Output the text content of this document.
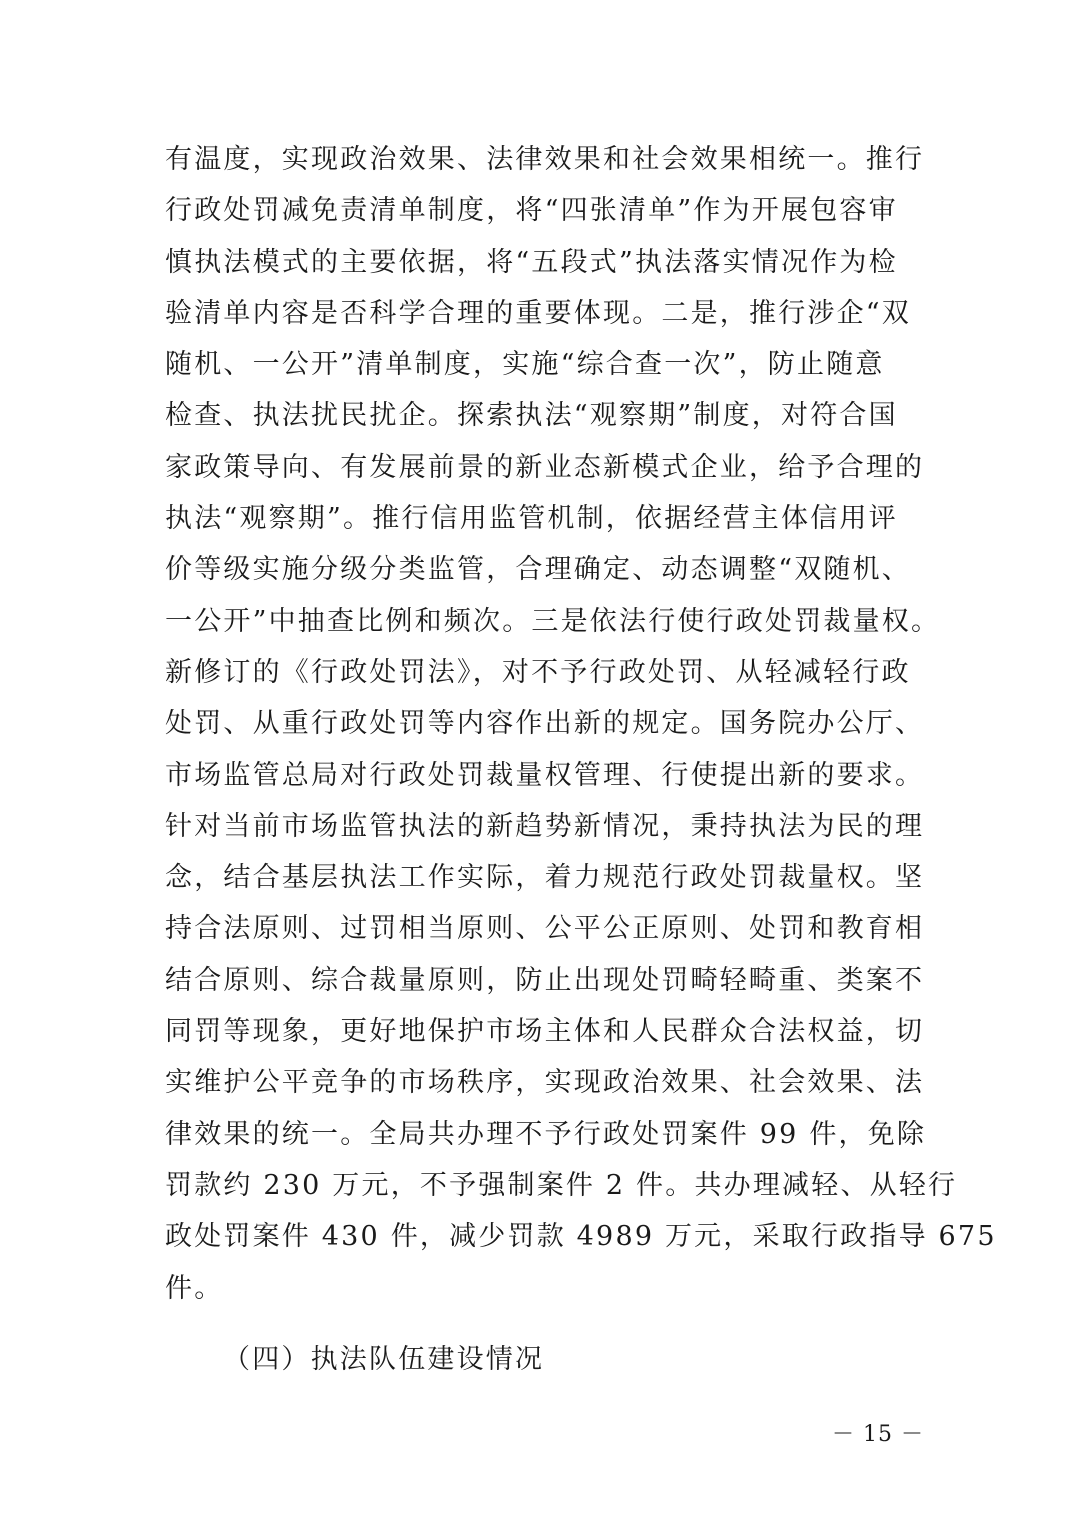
有温度，实现政治效果、法律效果和社会效果相统一。推行
行政处罚减免责清单制度，将“四张清单”作为开展包容审
慎执法模式的主要依据，将“五段式”执法落实情况作为检
验清单内容是否科学合理的重要体现。二是，推行涉企“双
随机、一公开”清单制度，实施“综合查一次”，防止随意
检查、执法扰民扰企。探索执法“观察期”制度，对符合国
家政策导向、有发展前景的新业态新模式企业，给予合理的
执法“观察期”。推行信用监管机制，依据经营主体信用评
价等级实施分级分类监管，合理确定、动态调整“双随机、
一公开”中抽查比例和频次。三是依法行使行政处罚裁量权。
新修订的《行政处罚法》，对不予行政处罚、从轻减轻行政
处罚、从重行政处罚等内容作出新的规定。国务院办公厅、
市场监管总局对行政处罚裁量权管理、行使提出新的要求。
针对当前市场监管执法的新趋势新情况，秉持执法为民的理
念，结合基层执法工作实际，着力规范行政处罚裁量权。坚
持合法原则、过罚相当原则、公平公正原则、处罚和教育相
结合原则、综合裁量原则，防止出现处罚畸轻畸重、类案不
同罚等现象，更好地保护市场主体和人民群众合法权益，切
实维护公平竞争的市场秩序，实现政治效果、社会效果、法
律效果的统一。全局共办理不予行政处罚案件 99 件，免除
罚款约 230 万元，不予强制案件 2 件。共办理减轻、从轻行
政处罚案件 430 件，减少罚款 4989 万元，采取行政指导 675
件。
（四）执法队伍建设情况
－ 15 －
